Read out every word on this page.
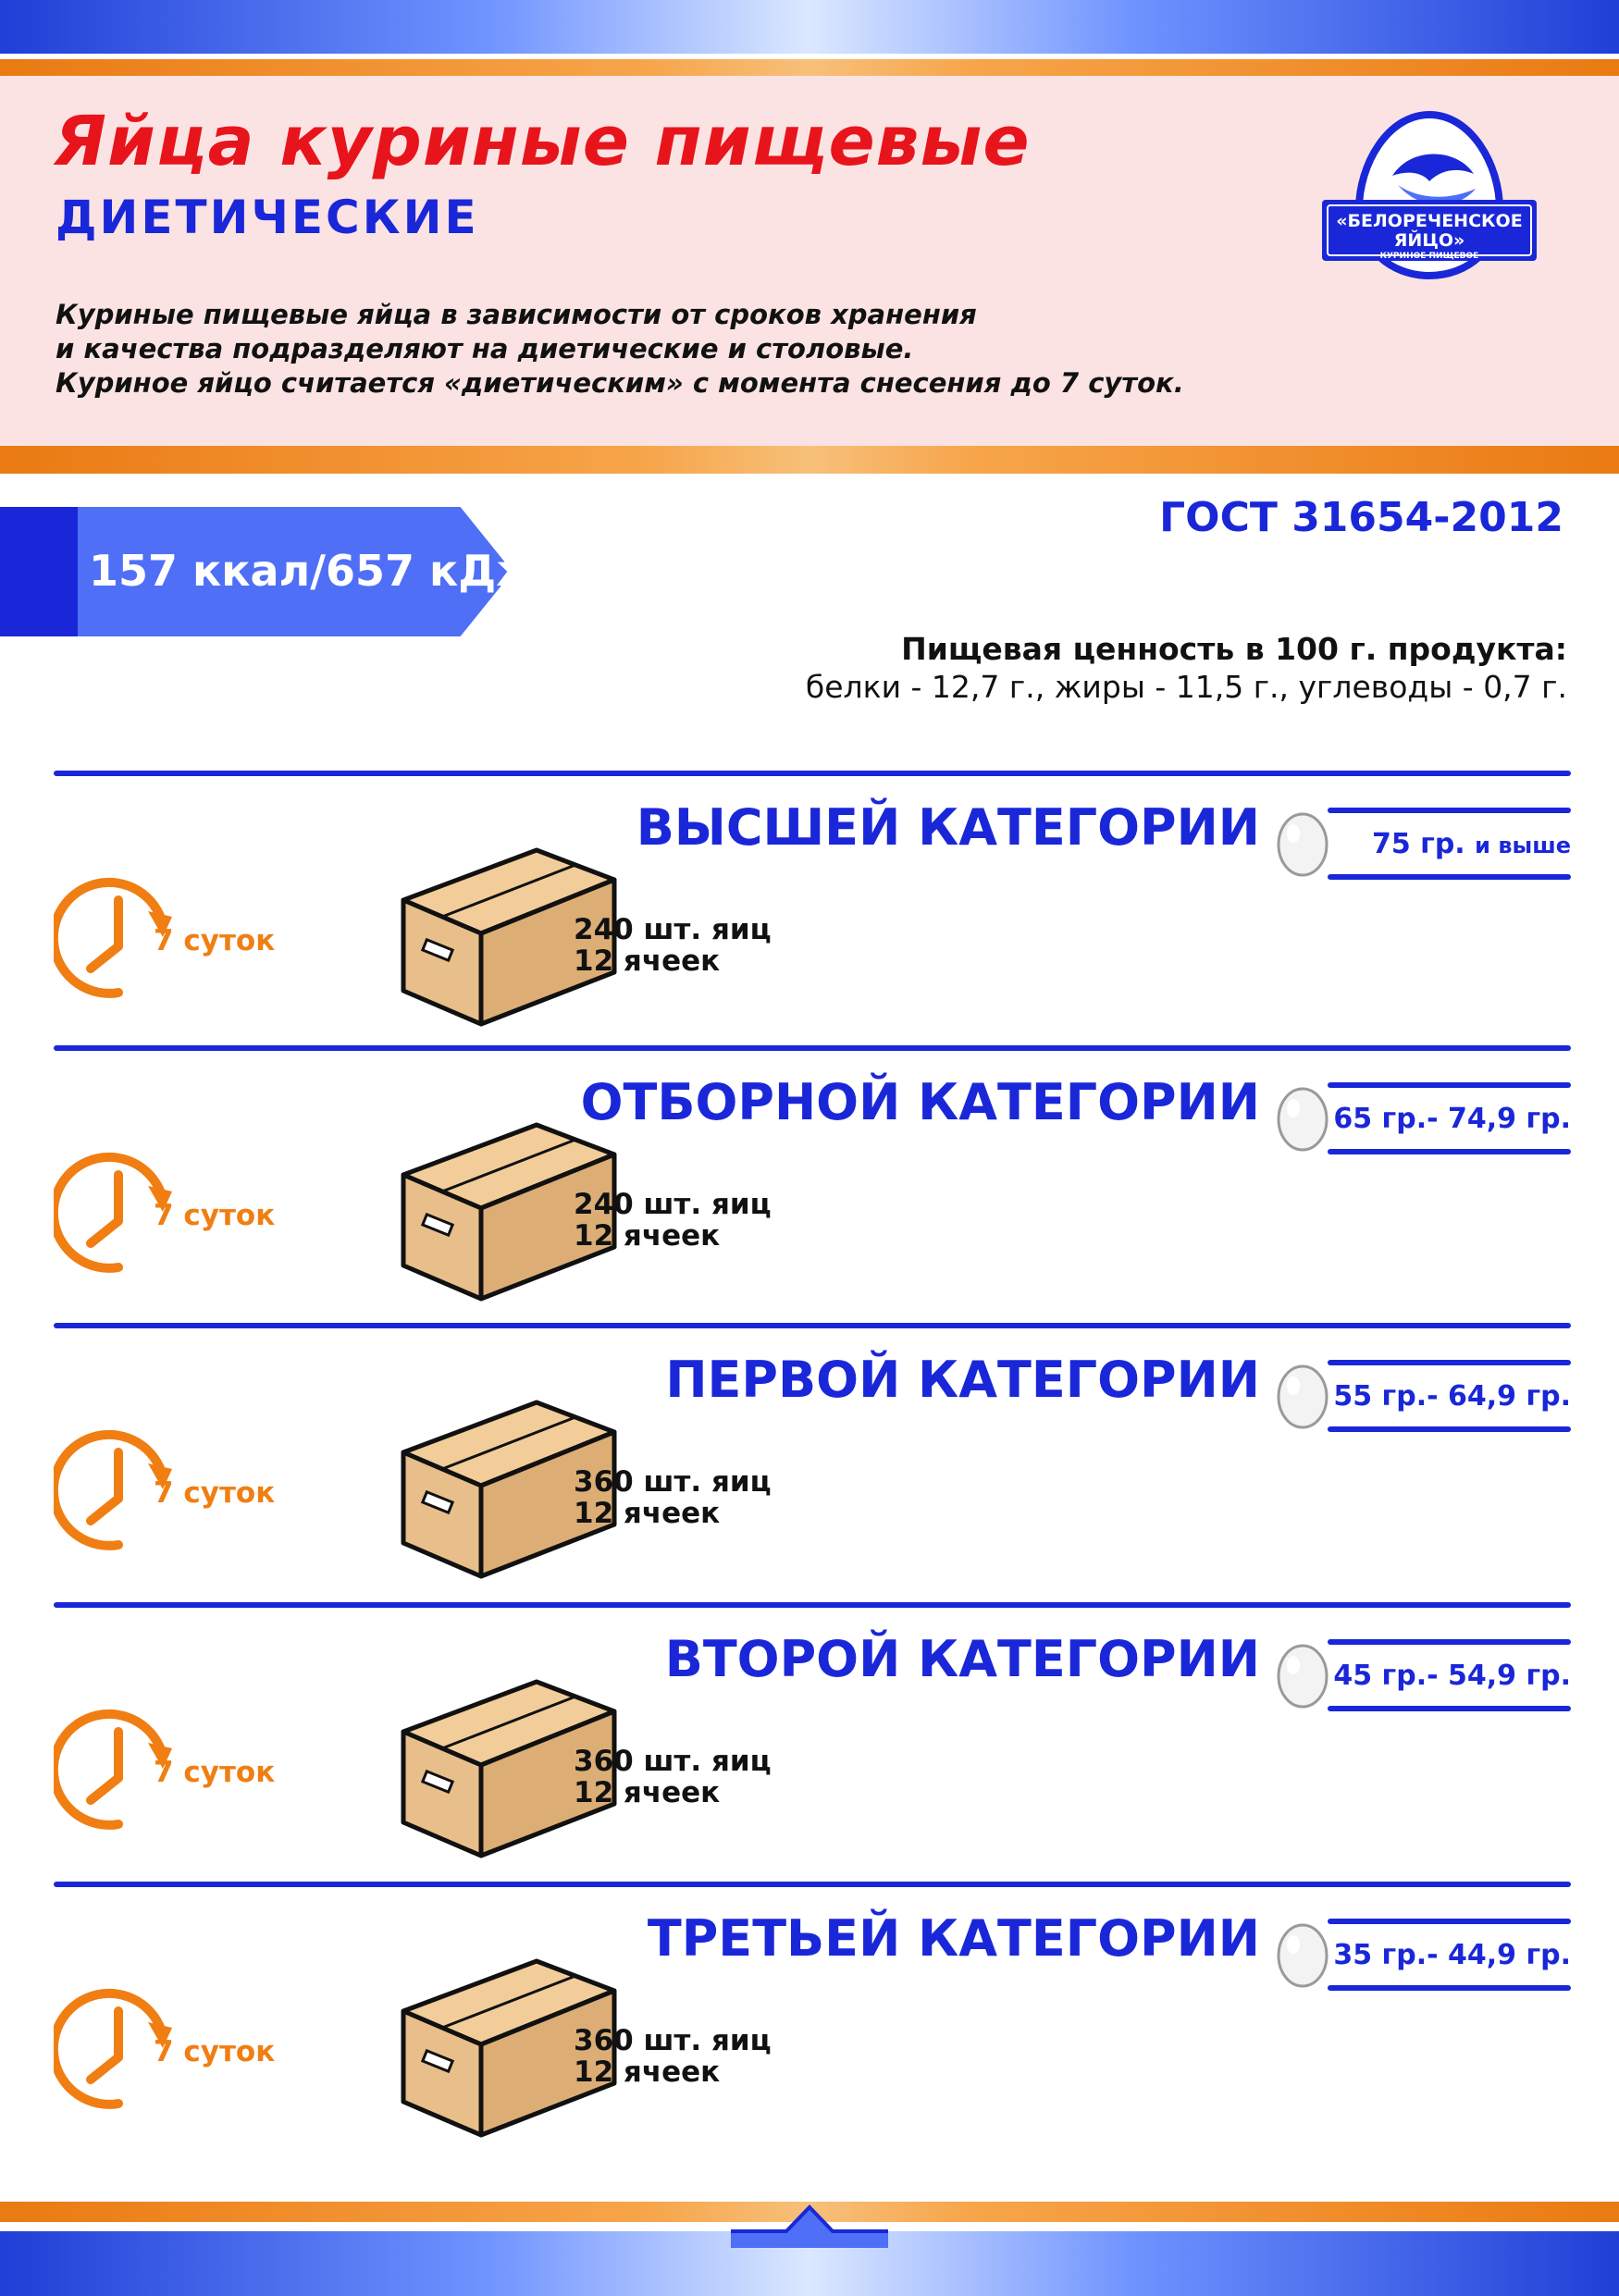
Яйца куриные пищевые
ДИЕТИЧЕСКИЕ
Куриные пищевые яйца в зависимости от сроков хранения
и качества подразделяют на диетические и столовые.
Куриное яйцо считается «диетическим» с момента снесения до 7 суток.
«БЕЛОРЕЧЕНСКОЕ
ЯЙЦО»
КУРИНОЕ ПИЩЕВОЕ
157 ккал/657 кДж
ГОСТ 31654-2012
Пищевая ценность в 100 г. продукта:
белки - 12,7 г., жиры - 11,5 г., углеводы - 0,7 г.
ВЫСШЕЙ КАТЕГОРИИ	75 гр. и выше
7 суток	240 шт. яиц
12 ячеек
ОТБОРНОЙ КАТЕГОРИИ	65 гр.- 74,9 гр.
7 суток	240 шт. яиц
12 ячеек
ПЕРВОЙ КАТЕГОРИИ	55 гр.- 64,9 гр.
7 суток	360 шт. яиц
12 ячеек
ВТОРОЙ КАТЕГОРИИ	45 гр.- 54,9 гр.
7 суток	360 шт. яиц
12 ячеек
ТРЕТЬЕЙ КАТЕГОРИИ	35 гр.- 44,9 гр.
7 суток	360 шт. яиц
12 ячеек
